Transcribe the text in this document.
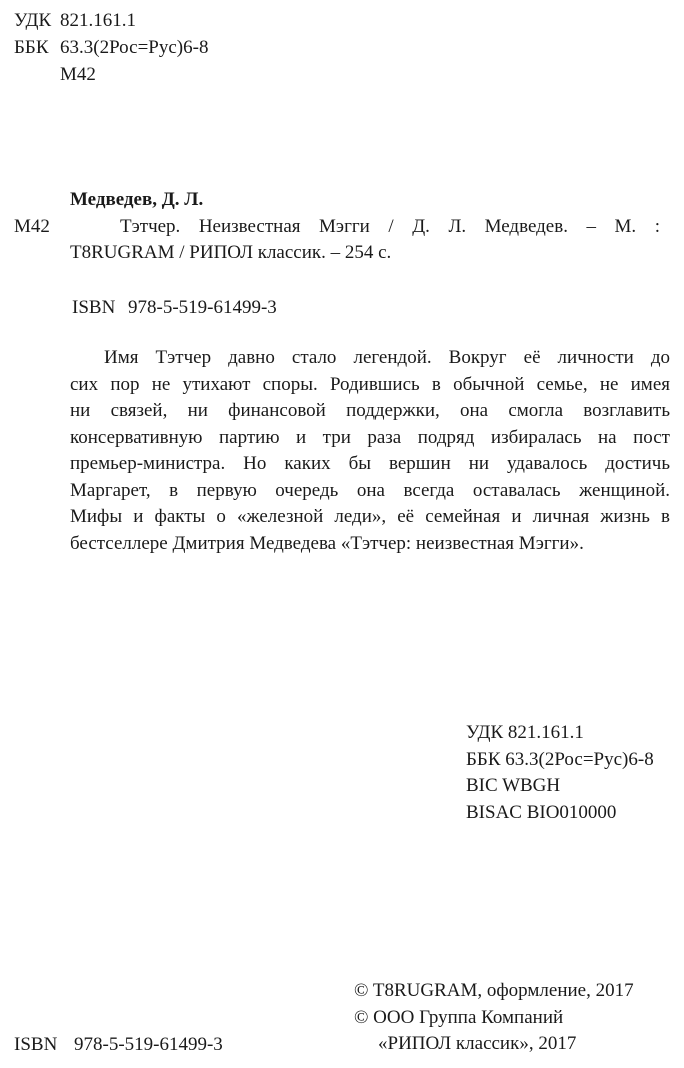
УДК 821.161.1
ББК 63.3(2Рос=Рус)6-8
М42
Медведев, Д. Л.
М42	Тэтчер. Неизвестная Мэгги / Д. Л. Медведев. – М. :
T8RUGRAM / РИПОЛ классик. – 254 с.
ISBN 978-5-519-61499-3
Имя Тэтчер давно стало легендой. Вокруг её личности до
сих пор не утихают споры. Родившись в обычной семье, не имея
ни связей, ни финансовой поддержки, она смогла возглавить
консервативную партию и три раза подряд избиралась на пост
премьер-министра. Но каких бы вершин ни удавалось достичь
Маргарет, в первую очередь она всегда оставалась женщиной.
Мифы и факты о «железной леди», её семейная и личная жизнь в
бестселлере Дмитрия Медведева «Тэтчер: неизвестная Мэгги».
УДК 821.161.1
ББК 63.3(2Рос=Рус)6-8
BIC WBGH
BISAC BIO010000
© T8RUGRAM, оформление, 2017
© ООО Группа Компаний
«РИПОЛ классик», 2017
ISBN 978-5-519-61499-3
